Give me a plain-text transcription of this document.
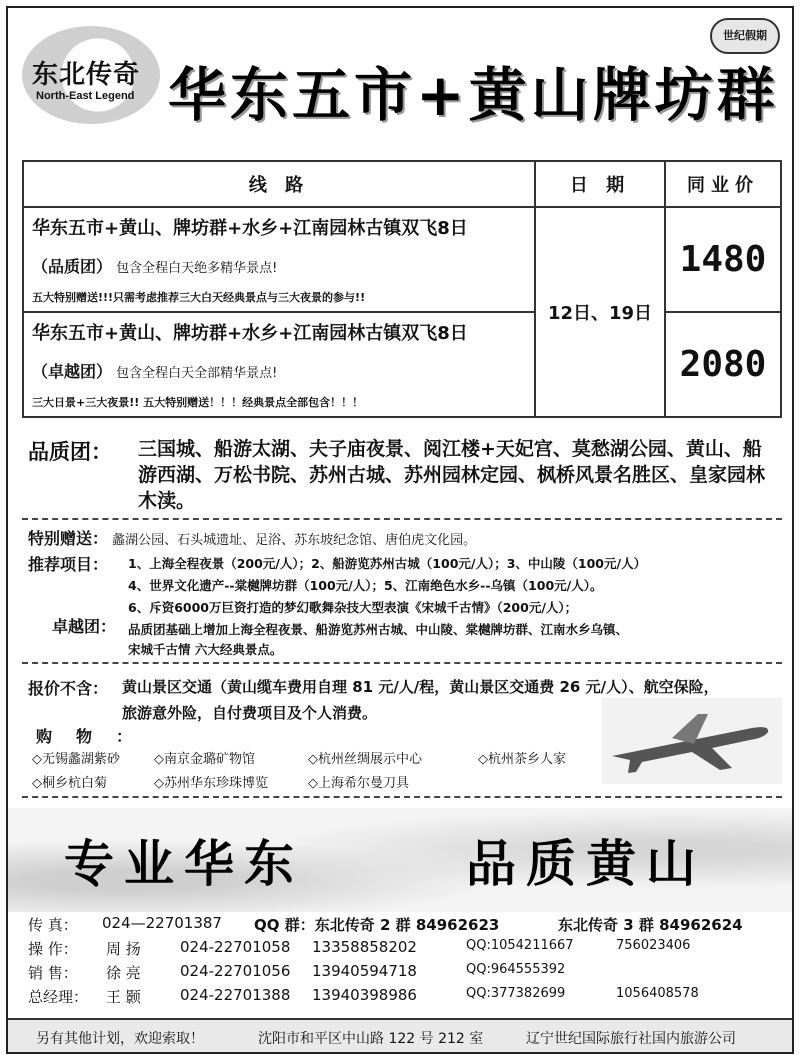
东北传奇
North-East Legend 华东五市+黄山牌坊群
世纪假期
线 路	日 期	同业价

华东五市+黄山、牌坊群+水乡+江南园林古镇双飞8日
（品质团） 包含全程白天绝多精华景点!
五大特别赠送!!!只需考虑推荐三大白天经典景点与三大夜景的参与!!	12日、19日	1480

华东五市+黄山、牌坊群+水乡+江南园林古镇双飞8日
（卓越团） 包含全程白天全部精华景点!
三大日景+三大夜景!! 五大特别赠送！！！经典景点全部包含！！！		2080
品质团： 三国城、船游太湖、夫子庙夜景、阅江楼+天妃宫、莫愁湖公园、黄山、船游西湖、万松书院、苏州古城、苏州园林定园、枫桥风景名胜区、皇家园林木渎。
特别赠送： 蠡湖公园、石头城遗址、足浴、苏东坡纪念馆、唐伯虎文化园。
推荐项目： 1、上海全程夜景（200元/人）；2、船游览苏州古城（100元/人）；3、中山陵（100元/人）
4、世界文化遗产--棠樾牌坊群（100元/人）；5、江南绝色水乡--乌镇（100元/人）。
6、斥资6000万巨资打造的梦幻歌舞杂技大型表演《宋城千古情》（200元/人）；
卓越团： 品质团基础上增加上海全程夜景、船游览苏州古城、中山陵、棠樾牌坊群、江南水乡乌镇、
宋城千古情 六大经典景点。
报价不含： 黄山景区交通（黄山缆车费用自理 81 元/人/程，黄山景区交通费 26 元/人）、航空保险，
旅游意外险，自付费项目及个人消费。
购物：
◇无锡蠡湖紫砂	◇南京金璐矿物馆	◇杭州丝绸展示中心	◇杭州茶乡人家
◇桐乡杭白菊	◇苏州华东珍珠博览	◇上海希尔曼刀具
专业华东	品质黄山
传 真： 024—22701387 QQ 群：东北传奇 2 群 84962623	东北传奇 3 群 84962624
操 作： 周 扬	024-22701058 13358858202	QQ:1054211667	756023406
销 售： 徐 亮	024-22701056 13940594718	QQ:964555392
总经理： 王 颢	024-22701388 13940398986	QQ:377382699	1056408578
另有其他计划，欢迎索取！	沈阳市和平区中山路 122 号 212 室	辽宁世纪国际旅行社国内旅游公司
